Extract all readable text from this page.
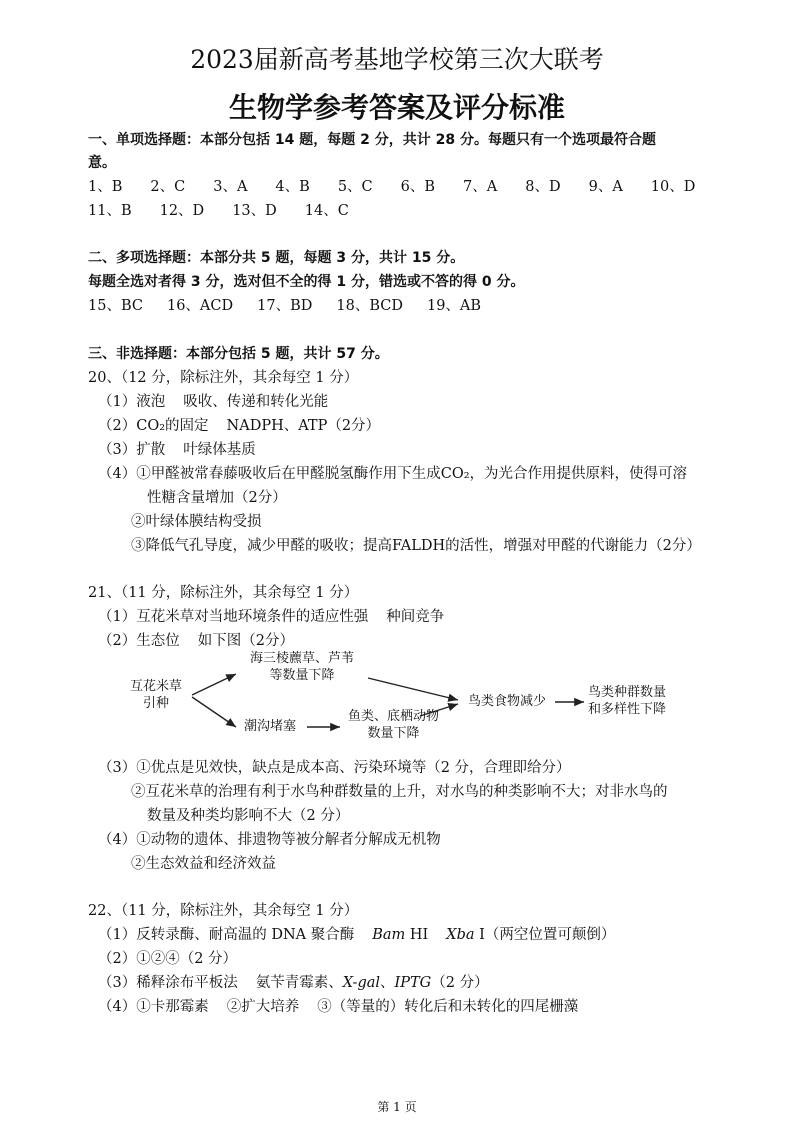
2023届新高考基地学校第三次大联考
生物学参考答案及评分标准
一、单项选择题：本部分包括 14 题，每题 2 分，共计 28 分。每题只有一个选项最符合题
意。
1、B 2、C 3、A 4、B 5、C 6、B 7、A 8、D 9、A 10、D
11、B 12、D 13、D 14、C
二、多项选择题：本部分共 5 题，每题 3 分，共计 15 分。
每题全选对者得 3 分，选对但不全的得 1 分，错选或不答的得 0 分。
15、BC 16、ACD 17、BD 18、BCD 19、AB
三、非选择题：本部分包括 5 题，共计 57 分。
20、（12 分，除标注外，其余每空 1 分）
（1）液泡 吸收、传递和转化光能
（2）CO₂的固定 NADPH、ATP（2分）
（3）扩散 叶绿体基质
（4）①甲醛被常春藤吸收后在甲醛脱氢酶作用下生成CO₂，为光合作用提供原料，使得可溶
性糖含量增加（2分）
②叶绿体膜结构受损
③降低气孔导度，减少甲醛的吸收；提高FALDH的活性，增强对甲醛的代谢能力（2分）
21、（11 分，除标注外，其余每空 1 分）
（1）互花米草对当地环境条件的适应性强 种间竞争
（2）生态位 如下图（2分）
互花米草
引种
海三棱藨草、芦苇
等数量下降
潮沟堵塞
鱼类、底栖动物
数量下降
鸟类食物减少
鸟类种群数量
和多样性下降
（3）①优点是见效快，缺点是成本高、污染环境等（2 分，合理即给分）
②互花米草的治理有利于水鸟种群数量的上升，对水鸟的种类影响不大；对非水鸟的
数量及种类均影响不大（2 分）
（4）①动物的遗体、排遗物等被分解者分解成无机物
②生态效益和经济效益
22、（11 分，除标注外，其余每空 1 分）
（1）反转录酶、耐高温的 DNA 聚合酶 Bam HⅠ Xba Ⅰ（两空位置可颠倒）
（2）①②④（2 分）
（3）稀释涂布平板法 氨苄青霉素、X-gal、IPTG（2 分）
（4）①卡那霉素 ②扩大培养 ③（等量的）转化后和未转化的四尾栅藻
第 1 页
